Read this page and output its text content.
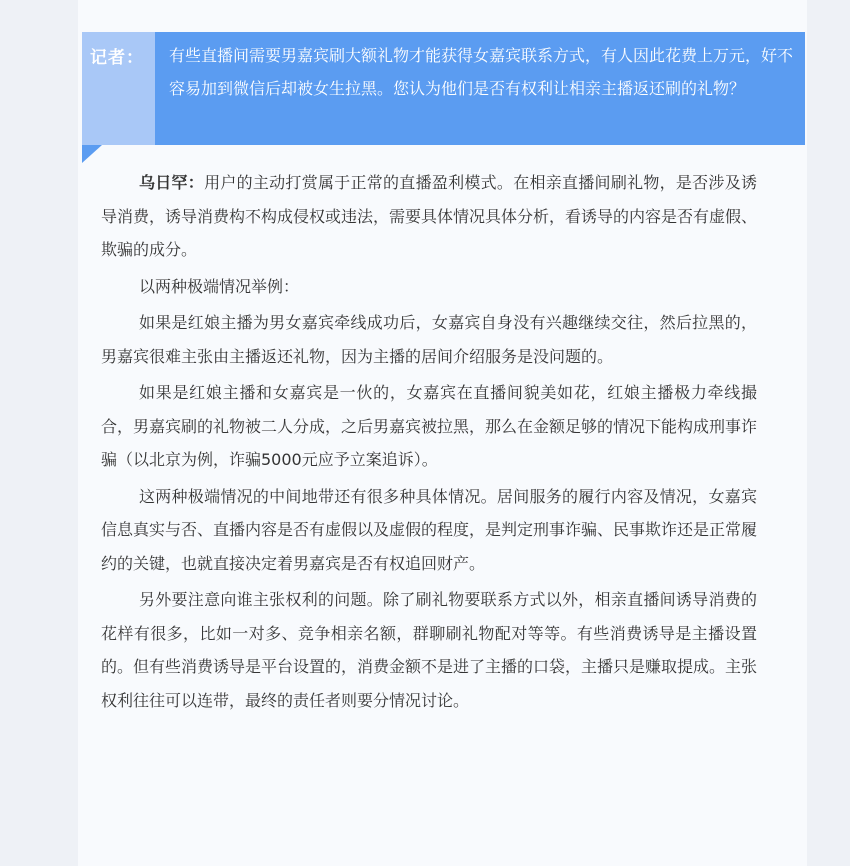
记者： 有些直播间需要男嘉宾刷大额礼物才能获得女嘉宾联系方式，有人因此花费上万元，好不容易加到微信后却被女生拉黑。您认为他们是否有权利让相亲主播返还刷的礼物？

乌日罕：用户的主动打赏属于正常的直播盈利模式。在相亲直播间刷礼物，是否涉及诱导消费，诱导消费构不构成侵权或违法，需要具体情况具体分析，看诱导的内容是否有虚假、欺骗的成分。

以两种极端情况举例：

如果是红娘主播为男女嘉宾牵线成功后，女嘉宾自身没有兴趣继续交往，然后拉黑的，男嘉宾很难主张由主播返还礼物，因为主播的居间介绍服务是没问题的。

如果是红娘主播和女嘉宾是一伙的，女嘉宾在直播间貌美如花，红娘主播极力牵线撮合，男嘉宾刷的礼物被二人分成，之后男嘉宾被拉黑，那么在金额足够的情况下能构成刑事诈骗（以北京为例，诈骗5000元应予立案追诉）。

这两种极端情况的中间地带还有很多种具体情况。居间服务的履行内容及情况，女嘉宾信息真实与否、直播内容是否有虚假以及虚假的程度，是判定刑事诈骗、民事欺诈还是正常履约的关键，也就直接决定着男嘉宾是否有权追回财产。

另外要注意向谁主张权利的问题。除了刷礼物要联系方式以外，相亲直播间诱导消费的花样有很多，比如一对多、竞争相亲名额，群聊刷礼物配对等等。有些消费诱导是主播设置的。但有些消费诱导是平台设置的，消费金额不是进了主播的口袋，主播只是赚取提成。主张权利往往可以连带，最终的责任者则要分情况讨论。
